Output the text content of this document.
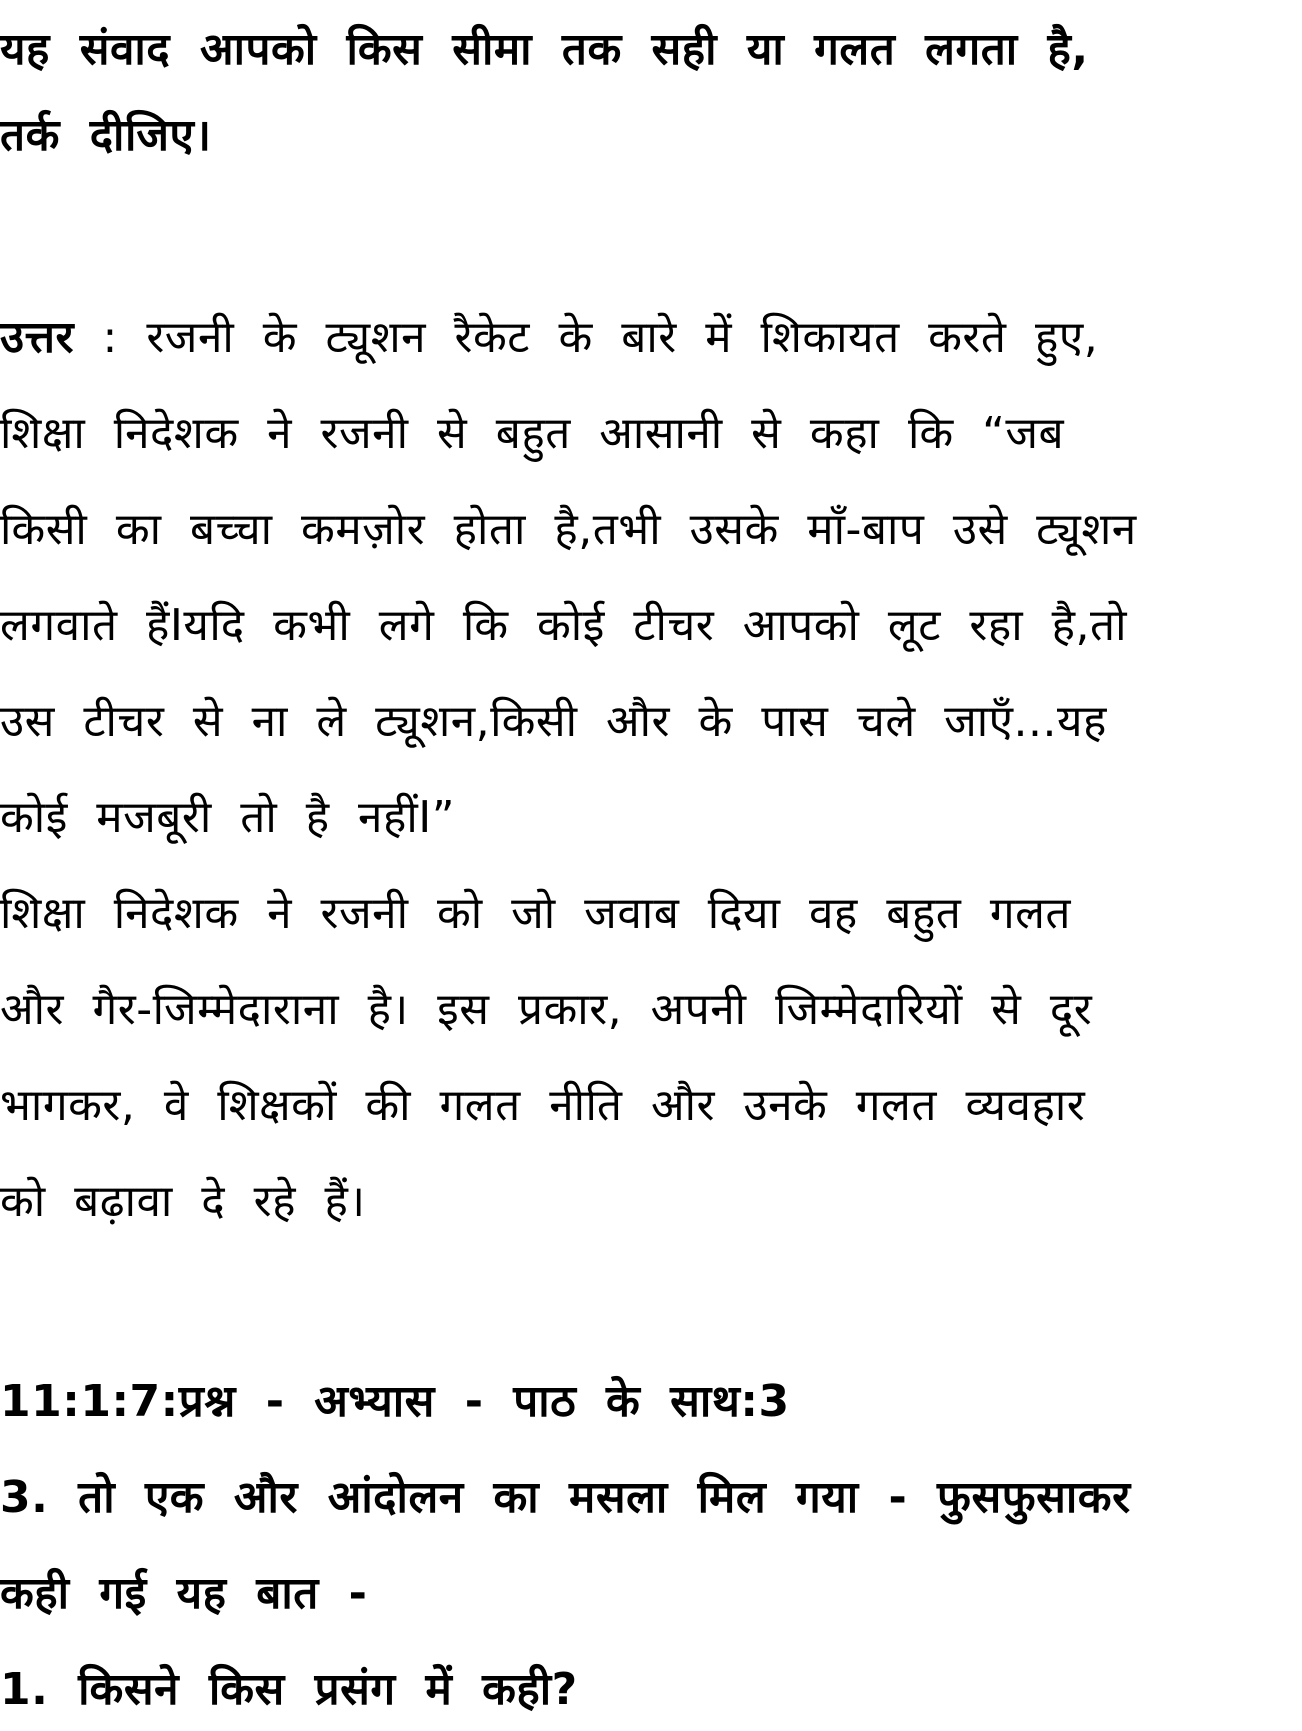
यह संवाद आपको किस सीमा तक सही या गलत लगता है,
तर्क दीजिए।
उत्तर : रजनी के ट्यूशन रैकेट के बारे में शिकायत करते हुए,
शिक्षा निदेशक ने रजनी से बहुत आसानी से कहा कि “जब
किसी का बच्चा कमज़ोर होता है,तभी उसके माँ-बाप उसे ट्यूशन
लगवाते हैंIयदि कभी लगे कि कोई टीचर आपको लूट रहा है,तो
उस टीचर से ना ले ट्यूशन,किसी और के पास चले जाएँ...यह
कोई मजबूरी तो है नहींI”
शिक्षा निदेशक ने रजनी को जो जवाब दिया वह बहुत गलत
और गैर-जिम्मेदाराना है। इस प्रकार, अपनी जिम्मेदारियों से दूर
भागकर, वे शिक्षकों की गलत नीति और उनके गलत व्यवहार
को बढ़ावा दे रहे हैं।
11:1:7:प्रश्न - अभ्यास - पाठ के साथ:3
3. तो एक और आंदोलन का मसला मिल गया - फुसफुसाकर
कही गई यह बात -
1. किसने किस प्रसंग में कही?
